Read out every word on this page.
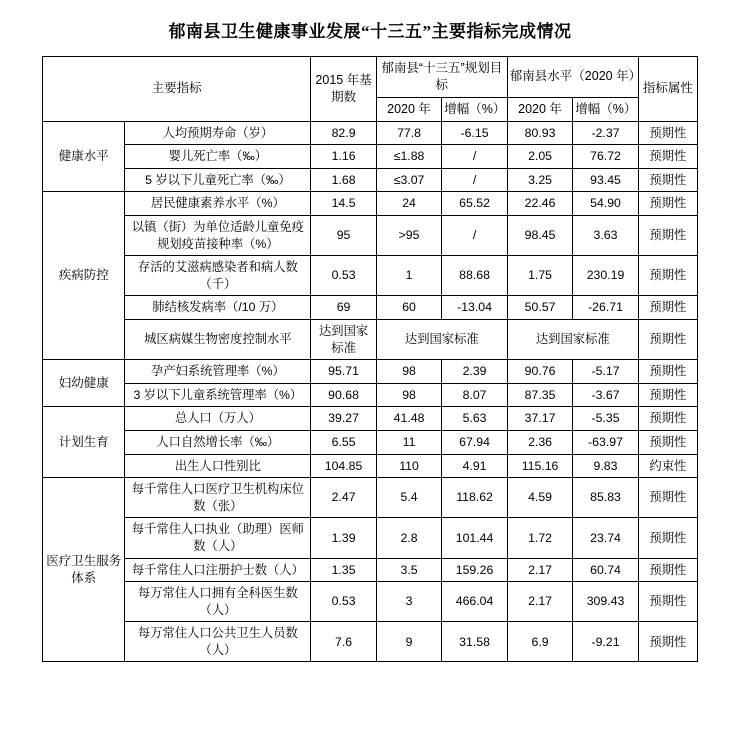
郁南县卫生健康事业发展“十三五”主要指标完成情况
主要指标		2015 年基期数	郁南县“十三五”规划目标		郁南县水平（2020 年）		指标属性
			2020 年	增幅（%）	2020 年	增幅（%）	
健康水平	人均预期寿命（岁）	82.9	77.8	-6.15	80.93	-2.37	预期性
	婴儿死亡率（‰）	1.16	≤1.88	/	2.05	76.72	预期性
	5 岁以下儿童死亡率（‰）	1.68	≤3.07	/	3.25	93.45	预期性
疾病防控	居民健康素养水平（%）	14.5	24	65.52	22.46	54.90	预期性
	以镇（街）为单位适龄儿童免疫规划疫苗接种率（%）	95	>95	/	98.45	3.63	预期性
	存活的艾滋病感染者和病人数（千）	0.53	1	88.68	1.75	230.19	预期性
	肺结核发病率（/10 万）	69	60	-13.04	50.57	-26.71	预期性
	城区病媒生物密度控制水平	达到国家标准	达到国家标准		达到国家标准		预期性
妇幼健康	孕产妇系统管理率（%）	95.71	98	2.39	90.76	-5.17	预期性
	3 岁以下儿童系统管理率（%）	90.68	98	8.07	87.35	-3.67	预期性
计划生育	总人口（万人）	39.27	41.48	5.63	37.17	-5.35	预期性
	人口自然增长率（‰）	6.55	11	67.94	2.36	-63.97	预期性
	出生人口性别比	104.85	110	4.91	115.16	9.83	约束性
医疗卫生服务体系	每千常住人口医疗卫生机构床位数（张）	2.47	5.4	118.62	4.59	85.83	预期性
	每千常住人口执业（助理）医师数（人）	1.39	2.8	101.44	1.72	23.74	预期性
	每千常住人口注册护士数（人）	1.35	3.5	159.26	2.17	60.74	预期性
	每万常住人口拥有全科医生数（人）	0.53	3	466.04	2.17	309.43	预期性
	每万常住人口公共卫生人员数（人）	7.6	9	31.58	6.9	-9.21	预期性
